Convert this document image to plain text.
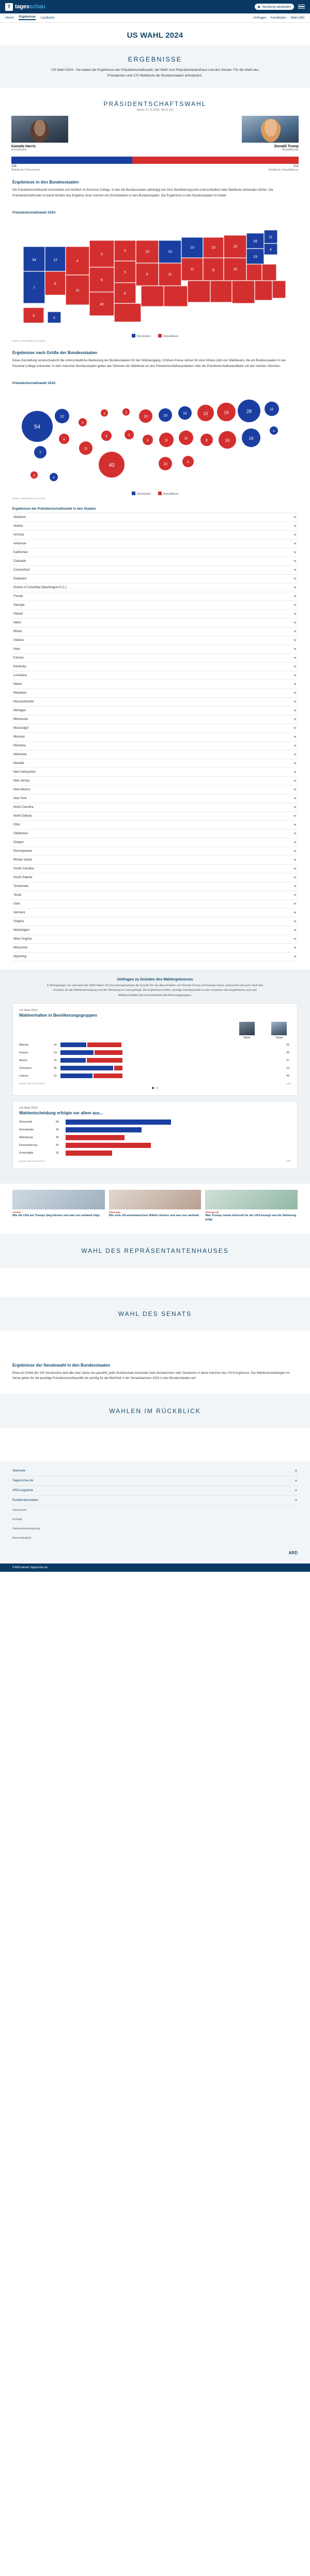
T tagesschau	▶ Sendung abspielen
Inland Ergebnisse Landkarte	Umfragen Kandidaten Wahl-ABC
US WAHL 2024
ERGEBNISSE
US-Wahl 2024 - Sie haben die Ergebnisse der Präsidentschaftswahl, der Wahl zum Repräsentantenhaus und des Senats. Für die Wahl des Präsidenten sind 270 Wahlleute der Bundesstaaten erforderlich.
PRÄSIDENTSCHAFTSWAHL
Stand: 07.11.2024, 08:11 Uhr
Kamala Harris
Demokraten
Donald Trump
Republikaner
226	312
Wahlleute Demokraten	Wahlleute Republikaner
Ergebnisse in den Bundesstaaten

Die Präsidentschaftswahl entscheidet sich letztlich im Electoral College. In das die Bundesstaaten abhängig von ihrer Bevölkerungszahl unterschiedlich viele Wahlleute entsenden dürfen. Die Präsidentschaftswahl ist damit letztlich das Ergebnis einer Summe von Einzelwahlen in den Bundesstaaten. Die Ergebnisse in den Bundesstaaten im Detail.

Präsidentschaftswahl 2024
54
7
12
6
4
11
3
6
40
3
5
6
10
6
10
11
10
11
15
8
19
16
28
19
11
4
3
4
Demokraten	Republikaner
Quelle: ARD-Wahlen in Amerika
Ergebnisse nach Größe der Bundesstaaten

Diese Darstellung veranschaulicht die unterschiedliche Bedeutung der Bundesstaaten für den Wahlausgang. Größere Kreise stehen für eine höhere Zahl von Wahlleuten, die ein Bundesstaaten in das Electoral College entsendet. In dem manchen Bundesstaaten gelten alle Stimmen der Wahlleute an den Präsidentschaftskandidaten oder die Präsidentschaftskandidatin mit den meisten Stimmen.

Präsidentschaftswahl 2024
54
7
12
6
4
11
3
6
40
3
5
10
6
10
11
10
10
11
8
15
8
19
16
28
19
11
4
3
4
Demokraten	Republikaner
Quelle: ARD-Wahlen in Amerika
Ergebnisse der Präsidentschaftswahl in den Staaten
Alabama
Alaska
Arizona
Arkansas
Kalifornien
Colorado
Connecticut
Delaware
District of Columbia (Washington D.C.)
Florida
Georgia
Hawaii
Idaho
Illinois
Indiana
Iowa
Kansas
Kentucky
Louisiana
Maine
Maryland
Massachusetts
Michigan
Minnesota
Mississippi
Missouri
Montana
Nebraska
Nevada
New Hampshire
New Jersey
New Mexico
New York
North Carolina
North Dakota
Ohio
Oklahoma
Oregon
Pennsylvania
Rhode Island
South Carolina
South Dakota
Tennessee
Texas
Utah
Vermont
Virginia
Washington
West Virginia
Wisconsin
Wyoming
Umfragen zu Gründen des Wahlergebnisses
In Befragungen vor und nach der Wahl haben US-Forschungsinstitute die Gründe für das Abschneiden von Donald Trump und Kamala Harris untersucht und auch nach den Gründen für die Wahlentscheidung und die Stimmung im Land gefragt. Die Ergebnisse helfen, wichtige Anhaltspunkte zu den Ursachen des Ergebnisses und zum Wählerverhalten bei verschiedenen Bevölkerungsgruppen.
US-Wahl 2024
Wahlverhalten in Bevölkerungsgruppen
Harris	Trump
Männer	42	55
Frauen	53	45
Weiße	41	57
Schwarze	85	13
Latinos	52	46
Quelle: Edison Research	ARD
US-Wahl 2024
Wahlentscheidung erfolgte vor allem aus...
Wirtschaft	68
Demokratie	49
Abtreibung	38
Einwanderung	55
Kriminalität	30
Quelle: Edison Research	ARD
Analyse
Wie die USA auf Trumps Sieg blicken und was nun weltweit folgt
Reportage
Wie viele US-amerikanischen Wähler blicken und was nun weltweit
Hintergrund
Was Trumps zweite Amtszeit für die USA bewegt und die Stimmung prägt
WAHL DES REPRÄSENTANTENHAUSES
WAHL DES SENATS
Ergebnisse der Senatswahl in den Bundesstaaten

Etwa ein Drittel der 100 Senatssitze wird alle zwei Jahre neu gewählt; jeder Bundesstaat entsendet zwei Senatorinnen oder Senatoren in diese Kammer des US-Kongresses. Die Wahlentscheidungen im Senat gelten für die jeweilige Präsidentschaftspolitik als wichtig für die Mehrheit in der Senatskammer 2024 in den Bundesstaaten auf.

WAHLEN IM RÜCKBLICK
Startseite
Tagesschau.de
ARD-Angebote
Rundfunkanstalten
Impressum
Kontakt
Datenschutzerklärung
Barrierefreiheit
ARD
© ARD-aktuell / tagesschau.de
